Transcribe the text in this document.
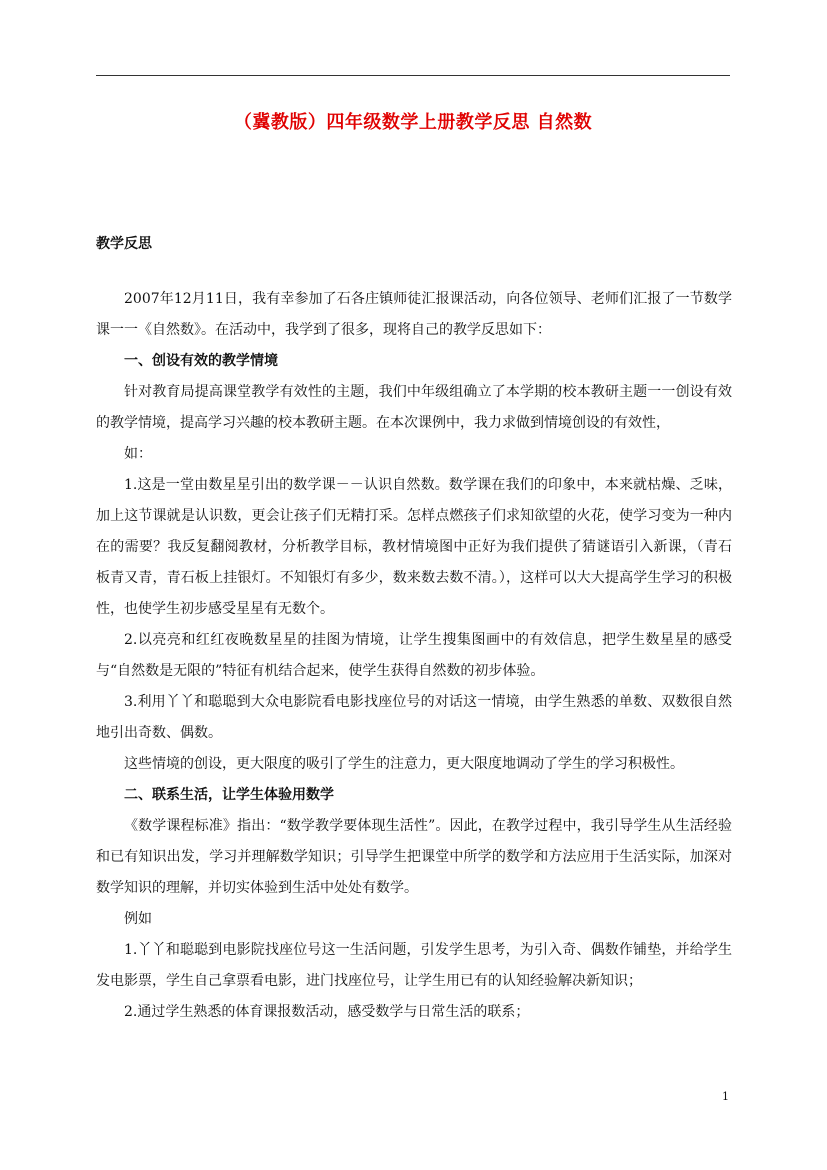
（冀教版）四年级数学上册教学反思 自然数
教学反思

2007年12月11日，我有幸参加了石各庄镇师徒汇报课活动，向各位领导、老师们汇报了一节数学课一一《自然数》。在活动中，我学到了很多，现将自己的教学反思如下：

一、创设有效的教学情境

针对教育局提高课堂教学有效性的主题，我们中年级组确立了本学期的校本教研主题一一创设有效的教学情境，提高学习兴趣的校本教研主题。在本次课例中，我力求做到情境创设的有效性，

如：

1.这是一堂由数星星引出的数学课－－认识自然数。数学课在我们的印象中，本来就枯燥、乏味，加上这节课就是认识数，更会让孩子们无精打采。怎样点燃孩子们求知欲望的火花，使学习变为一种内在的需要？我反复翻阅教材，分析教学目标，教材情境图中正好为我们提供了猜谜语引入新课，（青石板青又青，青石板上挂银灯。不知银灯有多少，数来数去数不清。），这样可以大大提高学生学习的积极性，也使学生初步感受星星有无数个。

2.以亮亮和红红夜晚数星星的挂图为情境，让学生搜集图画中的有效信息，把学生数星星的感受与“自然数是无限的”特征有机结合起来，使学生获得自然数的初步体验。

3.利用丫丫和聪聪到大众电影院看电影找座位号的对话这一情境，由学生熟悉的单数、双数很自然地引出奇数、偶数。

这些情境的创设，更大限度的吸引了学生的注意力，更大限度地调动了学生的学习积极性。

二、联系生活，让学生体验用数学

《数学课程标准》指出：“数学教学要体现生活性”。因此，在教学过程中，我引导学生从生活经验和已有知识出发，学习并理解数学知识；引导学生把课堂中所学的数学和方法应用于生活实际，加深对数学知识的理解，并切实体验到生活中处处有数学。

例如

1.丫丫和聪聪到电影院找座位号这一生活问题，引发学生思考，为引入奇、偶数作铺垫，并给学生发电影票，学生自己拿票看电影，进门找座位号，让学生用已有的认知经验解决新知识；

2.通过学生熟悉的体育课报数活动，感受数学与日常生活的联系；

1
